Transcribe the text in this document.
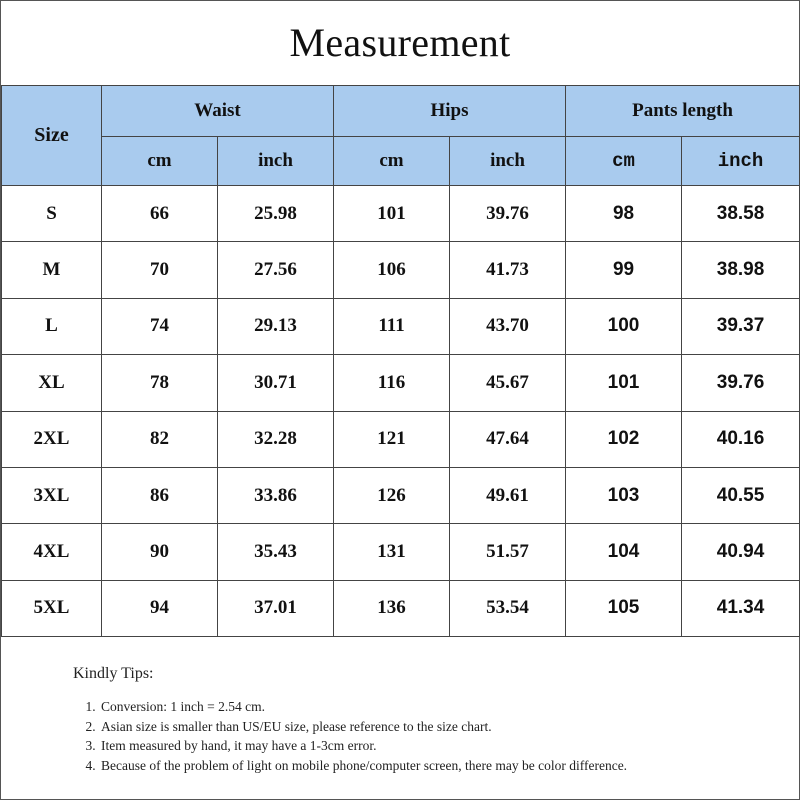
Measurement
Size	Waist		Hips		Pants length	
	cm	inch	cm	inch	cm	inch
S	66	25.98	101	39.76	98	38.58
M	70	27.56	106	41.73	99	38.98
L	74	29.13	111	43.70	100	39.37
XL	78	30.71	116	45.67	101	39.76
2XL	82	32.28	121	47.64	102	40.16
3XL	86	33.86	126	49.61	103	40.55
4XL	90	35.43	131	51.57	104	40.94
5XL	94	37.01	136	53.54	105	41.34
Kindly Tips:
1. Conversion: 1 inch = 2.54 cm.
2. Asian size is smaller than US/EU size, please reference to the size chart.
3. Item measured by hand, it may have a 1-3cm error.
4. Because of the problem of light on mobile phone/computer screen, there may be color difference.
